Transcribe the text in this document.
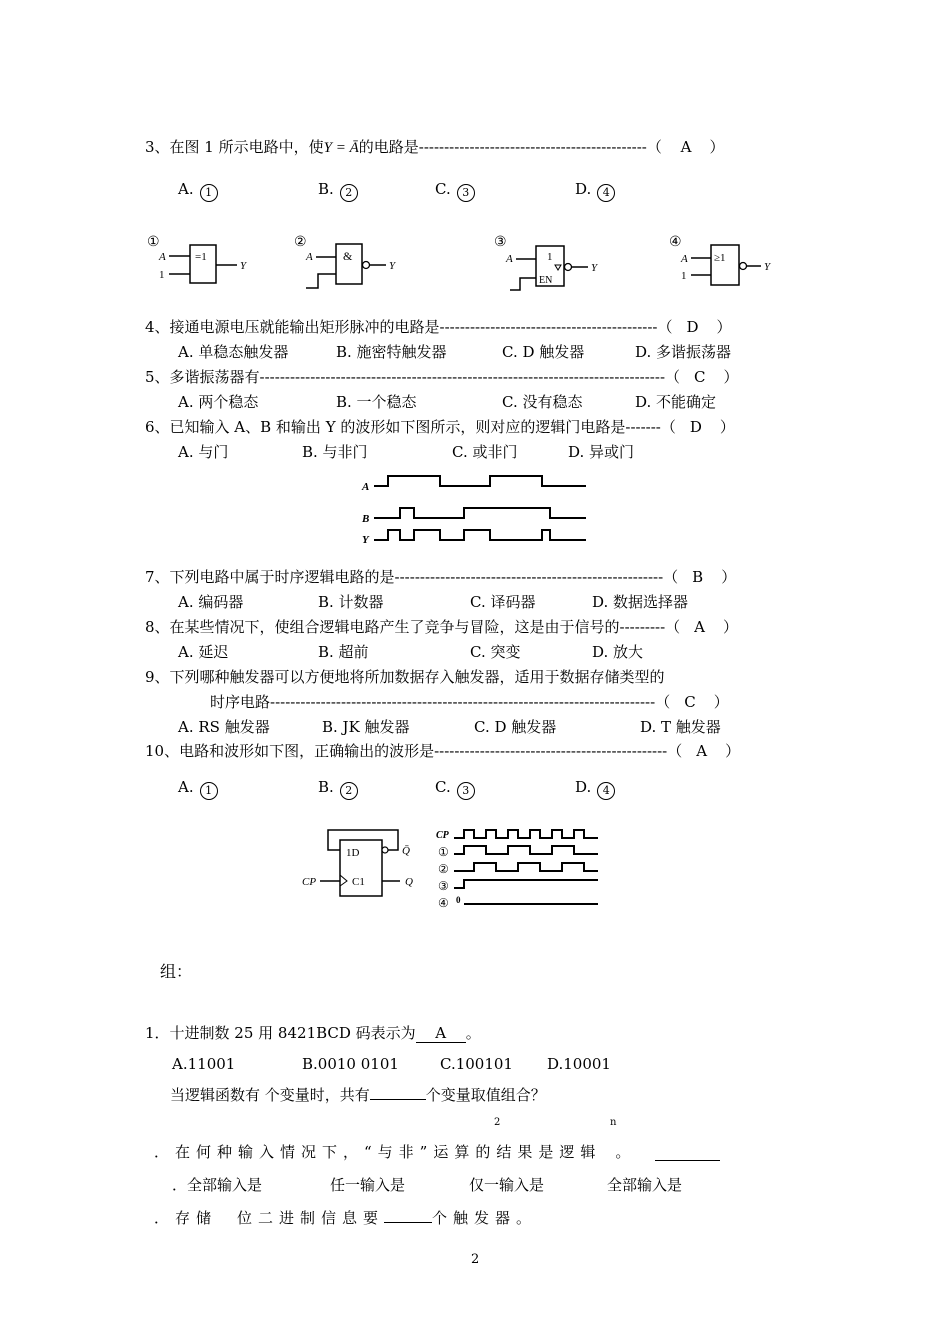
3、在图 1 所示电路中，使Y = Ā的电路是---------------------------------------------（ A ）
A. 1	B. 2	C. 3	D. 4
①
A
1
=1
Y
②
A	&
Y
③
A	1
EN
Y
④
A
1
≥1
Y
4、接通电源电压就能输出矩形脉冲的电路是-------------------------------------------（ D ）
A. 单稳态触发器	B. 施密特触发器	C. D 触发器	D. 多谐振荡器
5、多谐振荡器有--------------------------------------------------------------------------------（ C ）
A. 两个稳态	B. 一个稳态	C. 没有稳态	D. 不能确定
6、已知输入 A、B 和输出 Y 的波形如下图所示，则对应的逻辑门电路是-------（ D ）
A. 与门	B. 与非门	C. 或非门	D. 异或门
A
B
Y
7、下列电路中属于时序逻辑电路的是-----------------------------------------------------（ B ）
A. 编码器	B. 计数器	C. 译码器	D. 数据选择器
8、在某些情况下，使组合逻辑电路产生了竞争与冒险，这是由于信号的---------（ A ）
A. 延迟	B. 超前	C. 突变	D. 放大
9、下列哪种触发器可以方便地将所加数据存入触发器，适用于数据存储类型的
时序电路----------------------------------------------------------------------------（ C ）
A. RS 触发器	B. JK 触发器	C. D 触发器	D. T 触发器
10、电路和波形如下图，正确输出的波形是----------------------------------------------（ A ）
A. 1	B. 2	C. 3	D. 4
1D
C1
Q̄
Q
CP
CP
①
②
③
④ 0
组：
1．十进制数 25 用 8421BCD 码表示为 A 。
A.11001	B.0010 0101	C.100101 D.10001
当逻辑函数有 个变量时，共有	个变量取值组合？
2	n
．在何种输入情况下，“与非”运算的结果是逻辑 。
．全部输入是	任一输入是	仅一输入是	全部输入是
．存储 位二进制信息要	个触发器。
2
